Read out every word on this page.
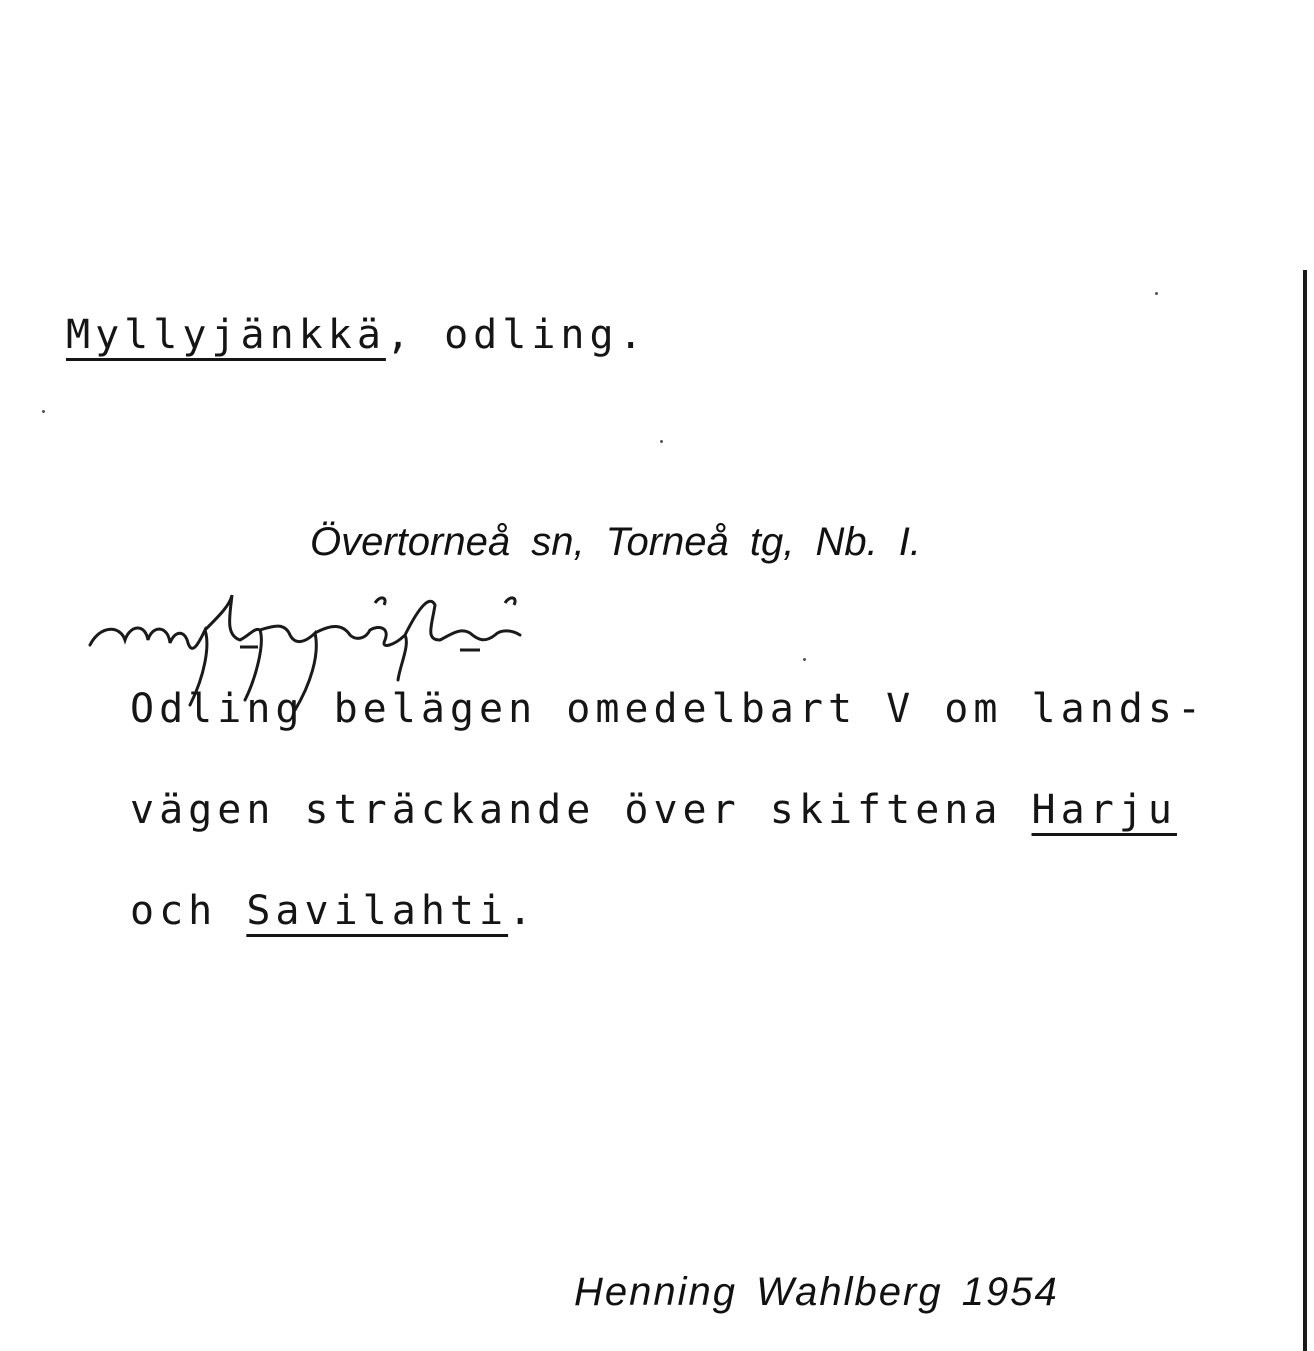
Myllyjänkkä, odling.
Övertorneå sn, Torneå tg, Nb. I.
Odling belägen omedelbart V om lands-
vägen sträckande över skiftena Harju
och Savilahti.
Henning Wahlberg 1954
